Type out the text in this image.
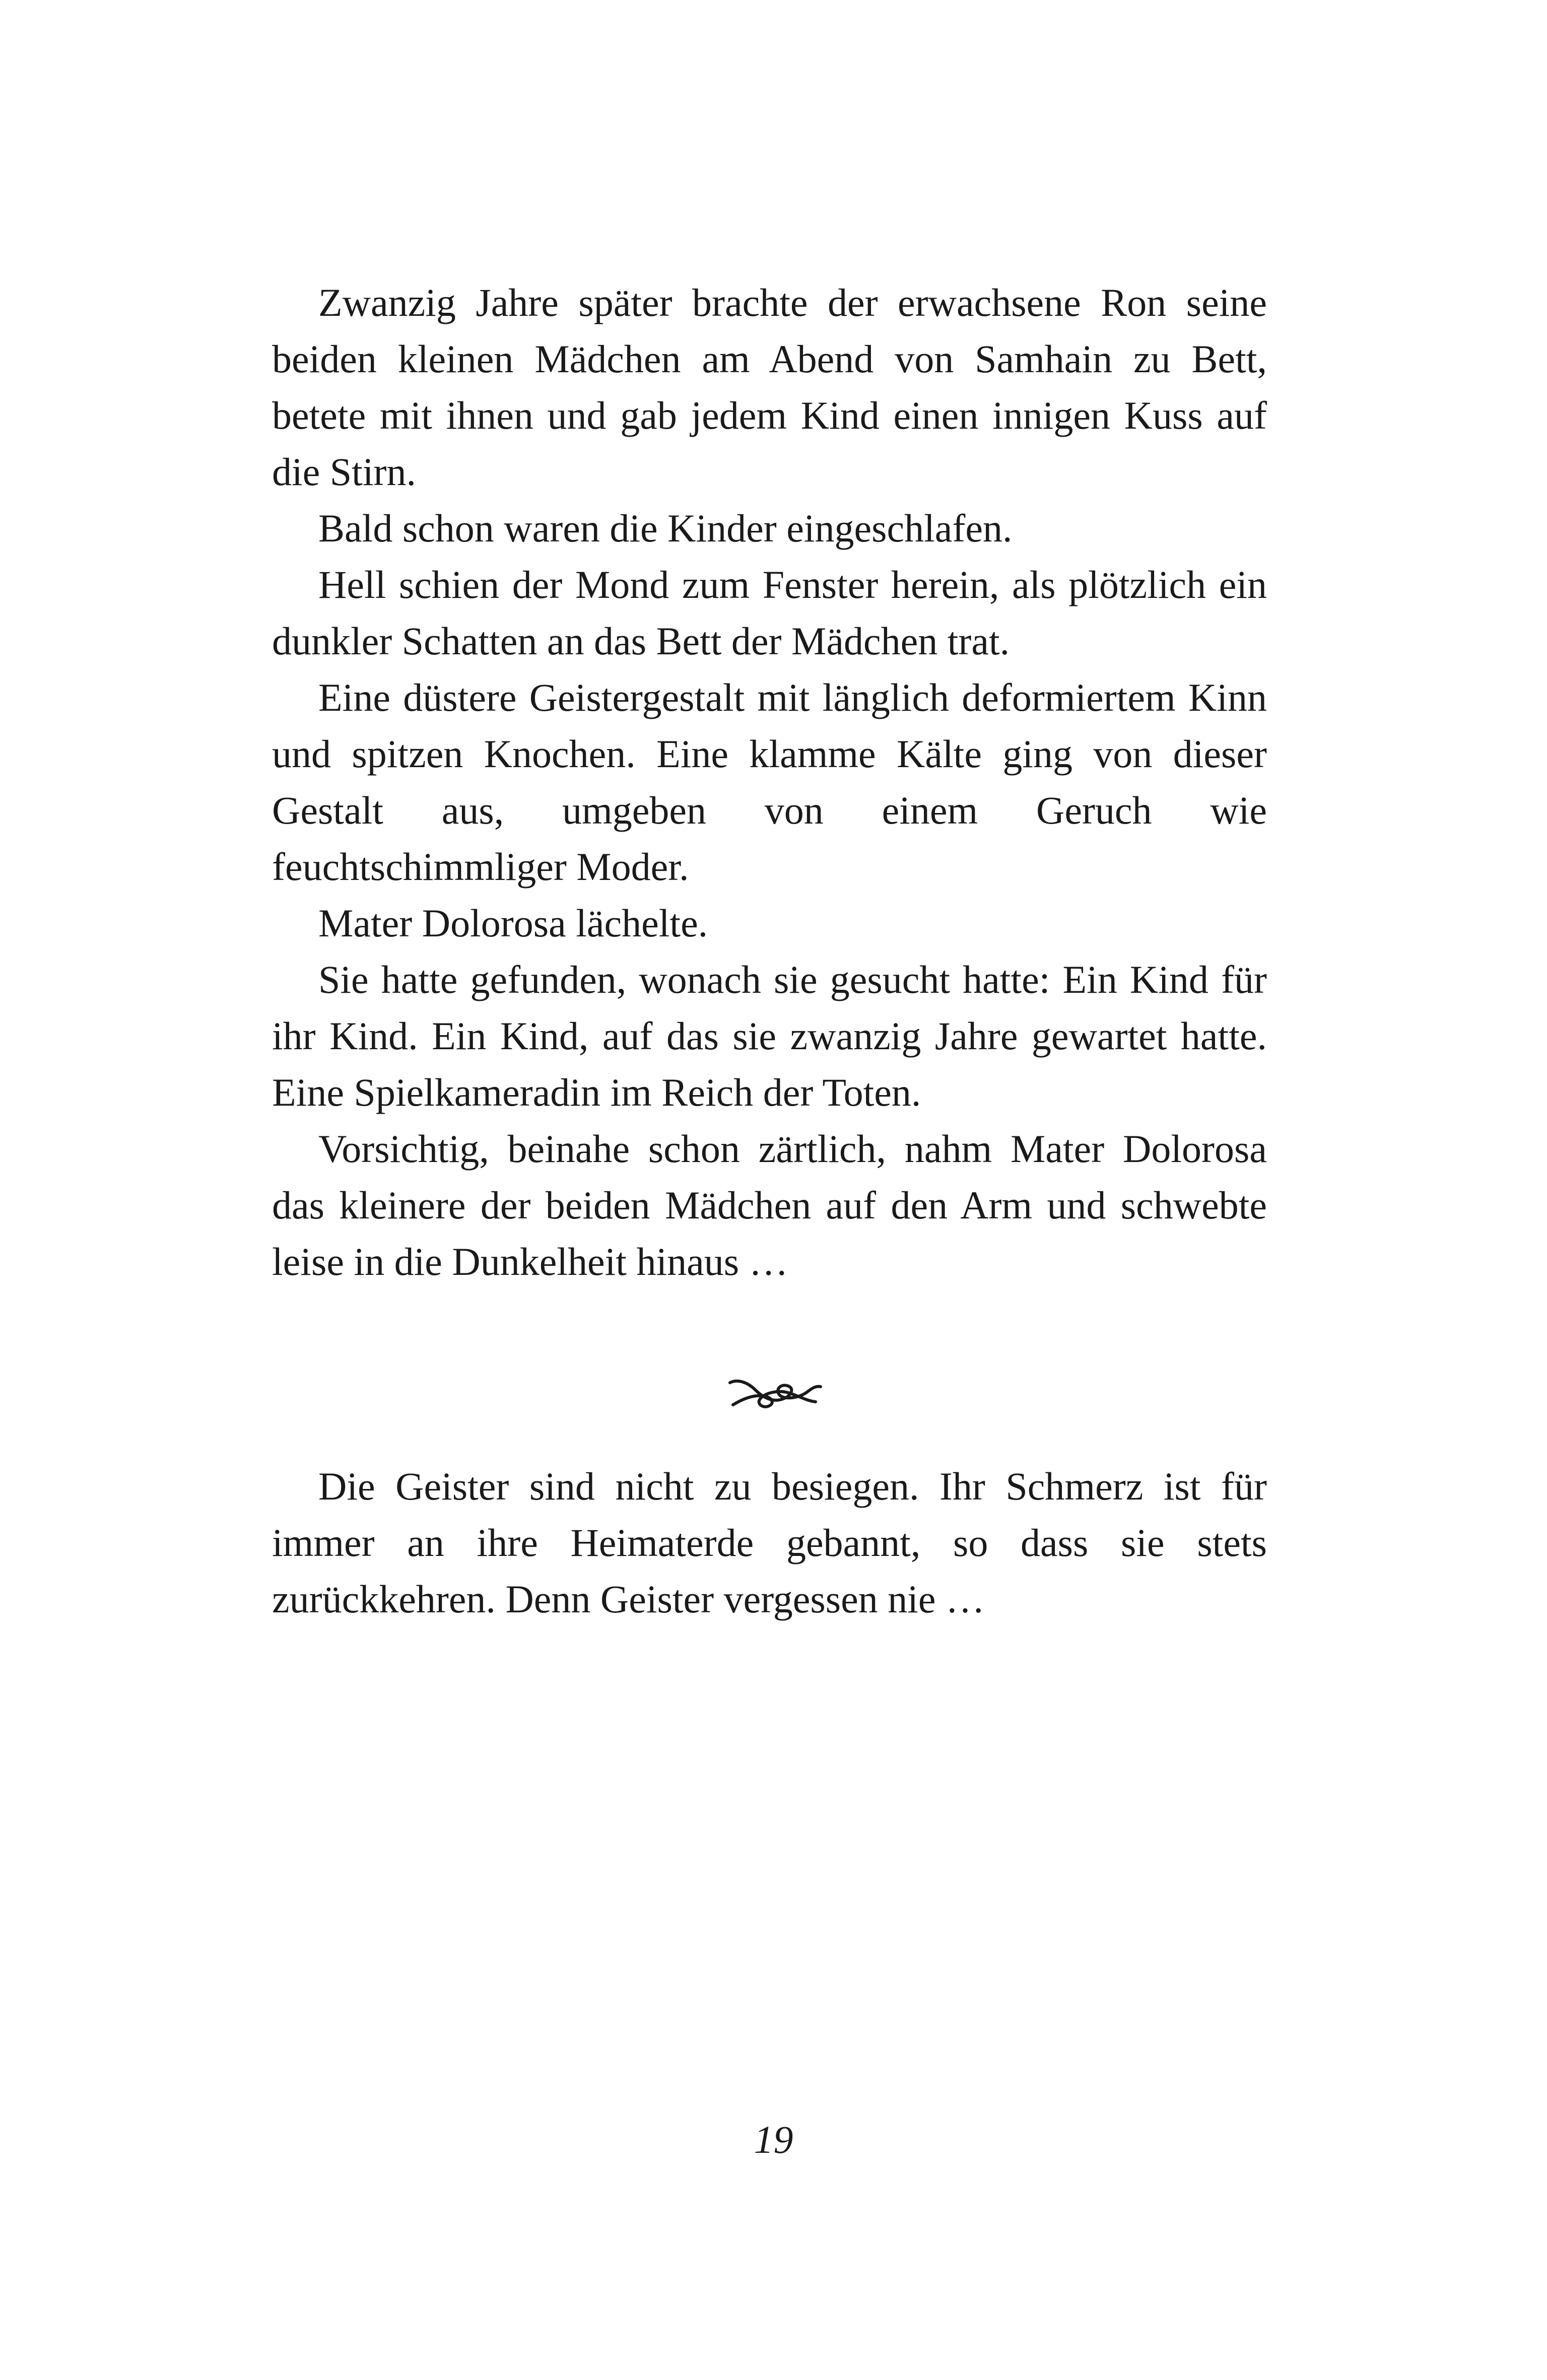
Zwanzig Jahre später brachte der erwachsene Ron seine beiden kleinen Mädchen am Abend von Samhain zu Bett, betete mit ihnen und gab jedem Kind einen innigen Kuss auf die Stirn.

Bald schon waren die Kinder eingeschlafen.

Hell schien der Mond zum Fenster herein, als plötzlich ein dunkler Schatten an das Bett der Mädchen trat.

Eine düstere Geistergestalt mit länglich deformiertem Kinn und spitzen Knochen. Eine klamme Kälte ging von dieser Gestalt aus, umgeben von einem Geruch wie feuchtschimmliger Moder.

Mater Dolorosa lächelte.

Sie hatte gefunden, wonach sie gesucht hatte: Ein Kind für ihr Kind. Ein Kind, auf das sie zwanzig Jahre gewartet hatte. Eine Spielkameradin im Reich der Toten.

Vorsichtig, beinahe schon zärtlich, nahm Mater Dolorosa das kleinere der beiden Mädchen auf den Arm und schwebte leise in die Dunkelheit hinaus …

Die Geister sind nicht zu besiegen. Ihr Schmerz ist für immer an ihre Heimaterde gebannt, so dass sie stets zurückkehren. Denn Geister vergessen nie …

19
